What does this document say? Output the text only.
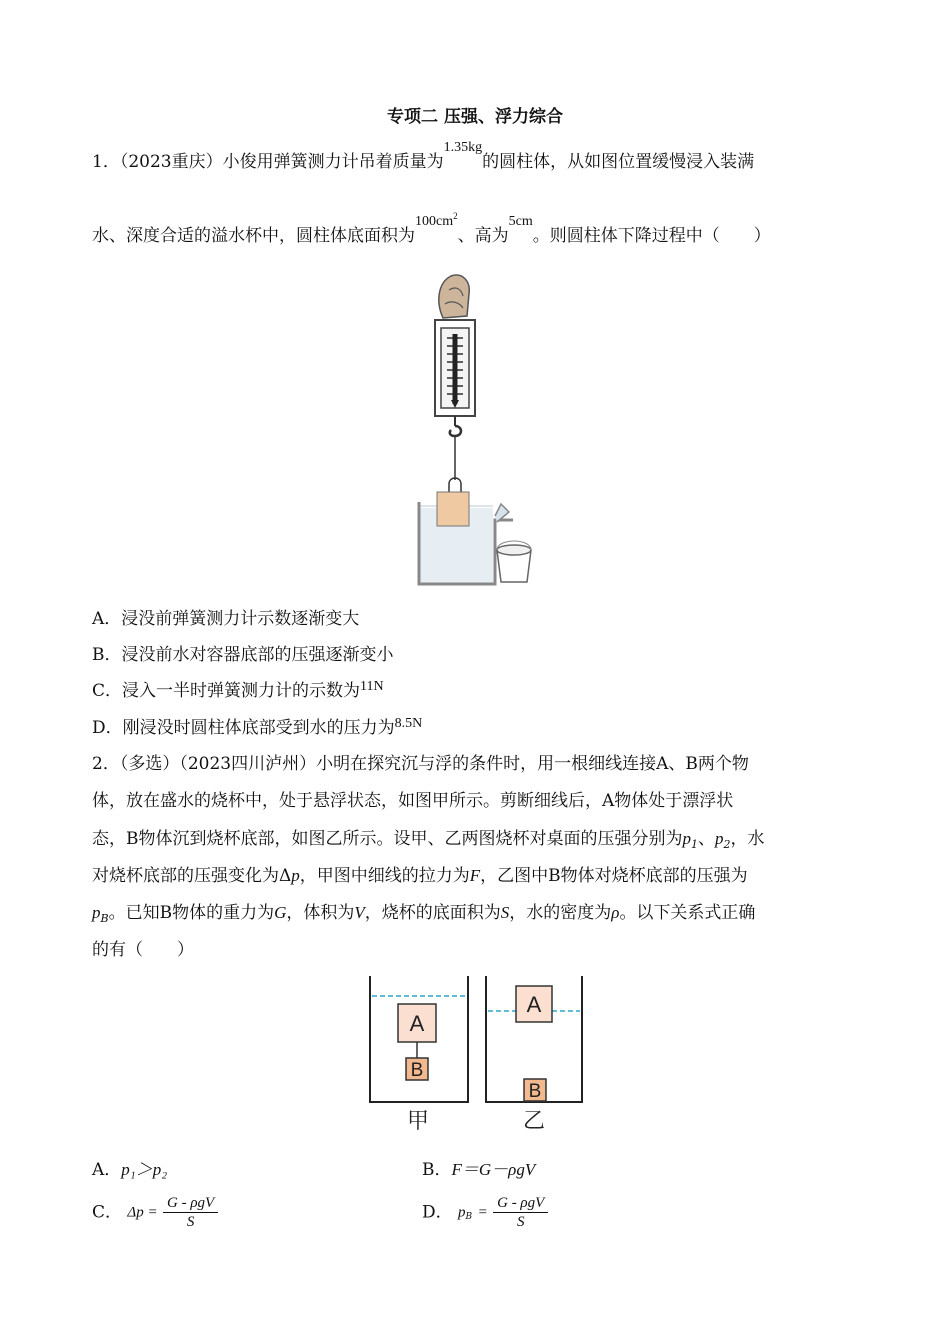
专项二 压强、浮力综合
1．（2023重庆）小俊用弹簧测力计吊着质量为$^{1.35kg}$的圆柱体，从如图位置缓慢浸入装满
水、深度合适的溢水杯中，圆柱体底面积为$^{100cm^2}$、高为$^{5cm}$。则圆柱体下降过程中（　　）
A．浸没前弹簧测力计示数逐渐变大
B．浸没前水对容器底部的压强逐渐变小
C．浸入一半时弹簧测力计的示数为$^{11N}$
D．刚浸没时圆柱体底部受到水的压力为$^{8.5N}$
2．（多选）（2023四川泸州）小明在探究沉与浮的条件时，用一根细线连接A、B两个物
体，放在盛水的烧杯中，处于悬浮状态，如图甲所示。剪断细线后，A物体处于漂浮状
态，B物体沉到烧杯底部，如图乙所示。设甲、乙两图烧杯对桌面的压强分别为$p_1$、$p_2$，水
对烧杯底部的压强变化为Δp，甲图中细线的拉力为F，乙图中B物体对烧杯底部的压强为
$p_B$。已知B物体的重力为G，体积为V，烧杯的底面积为S，水的密度为ρ。以下关系式正确
的有（　　）
A
B
甲
A
B
乙
A．p₁＞p₂	B．F＝G－ρgV
C． $\Delta p = \frac{\text{G - ρgV}}{S}$	D． $p_B = \frac{\text{G - ρgV}}{S}$
